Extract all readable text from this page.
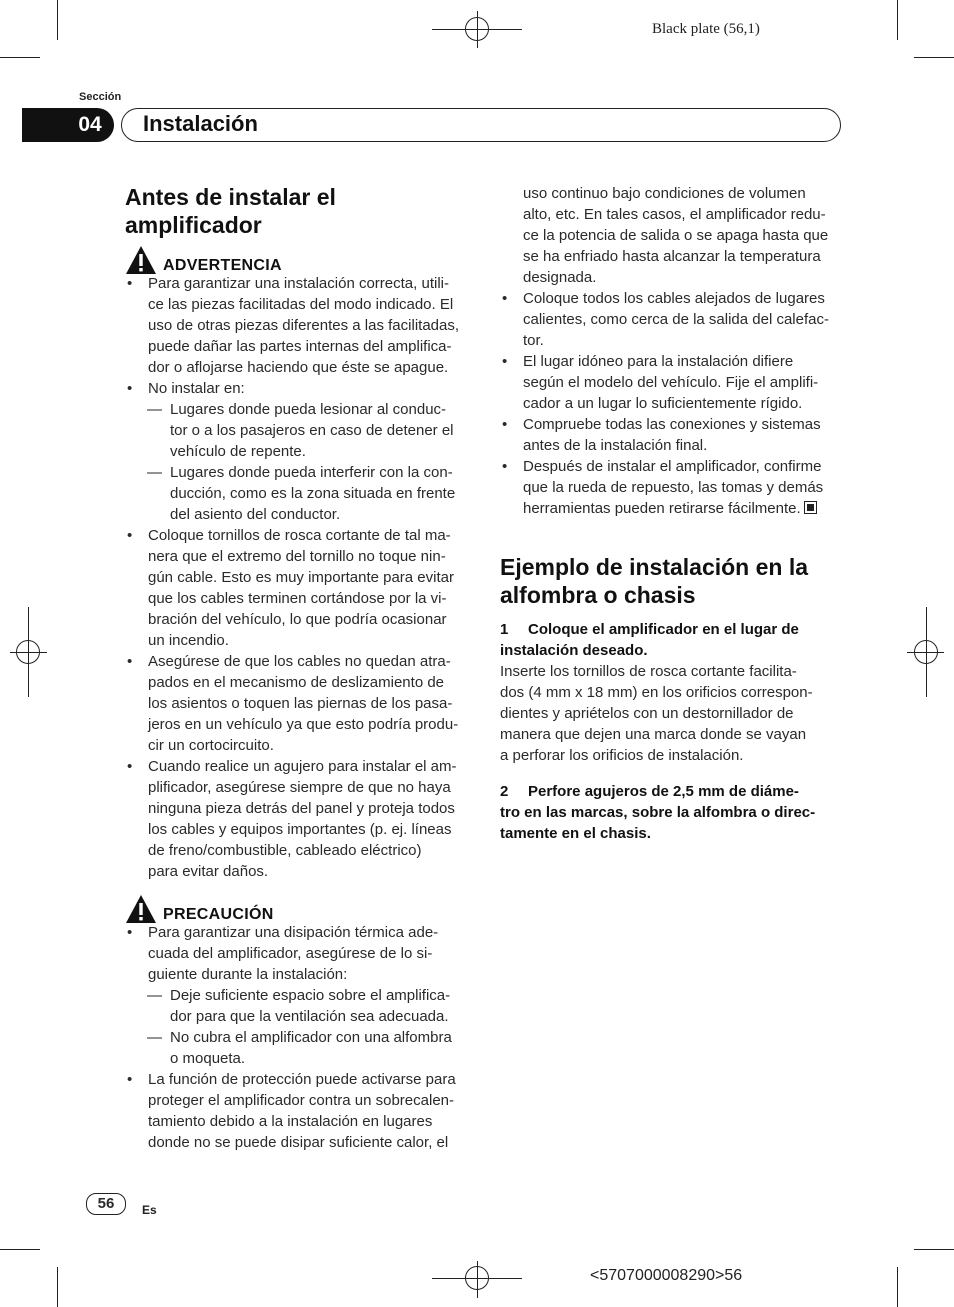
Black plate (56,1)
Sección
04	Instalación
Antes de instalar el amplificador
ADVERTENCIA
• Para garantizar una instalación correcta, utili-
ce las piezas facilitadas del modo indicado. El
uso de otras piezas diferentes a las facilitadas,
puede dañar las partes internas del amplifica-
dor o aflojarse haciendo que éste se apague.
• No instalar en:
— Lugares donde pueda lesionar al conduc-
tor o a los pasajeros en caso de detener el
vehículo de repente.
— Lugares donde pueda interferir con la con-
ducción, como es la zona situada en frente
del asiento del conductor.
• Coloque tornillos de rosca cortante de tal ma-
nera que el extremo del tornillo no toque nin-
gún cable. Esto es muy importante para evitar
que los cables terminen cortándose por la vi-
bración del vehículo, lo que podría ocasionar
un incendio.
• Asegúrese de que los cables no quedan atra-
pados en el mecanismo de deslizamiento de
los asientos o toquen las piernas de los pasa-
jeros en un vehículo ya que esto podría produ-
cir un cortocircuito.
• Cuando realice un agujero para instalar el am-
plificador, asegúrese siempre de que no haya
ninguna pieza detrás del panel y proteja todos
los cables y equipos importantes (p. ej. líneas
de freno/combustible, cableado eléctrico)
para evitar daños.
PRECAUCIÓN
• Para garantizar una disipación térmica ade-
cuada del amplificador, asegúrese de lo si-
guiente durante la instalación:
— Deje suficiente espacio sobre el amplifica-
dor para que la ventilación sea adecuada.
— No cubra el amplificador con una alfombra
o moqueta.
• La función de protección puede activarse para
proteger el amplificador contra un sobrecalen-
tamiento debido a la instalación en lugares
donde no se puede disipar suficiente calor, el
uso continuo bajo condiciones de volumen
alto, etc. En tales casos, el amplificador redu-
ce la potencia de salida o se apaga hasta que
se ha enfriado hasta alcanzar la temperatura
designada.
• Coloque todos los cables alejados de lugares
calientes, como cerca de la salida del calefac-
tor.
• El lugar idóneo para la instalación difiere
según el modelo del vehículo. Fije el amplifi-
cador a un lugar lo suficientemente rígido.
• Compruebe todas las conexiones y sistemas
antes de la instalación final.
• Después de instalar el amplificador, confirme
que la rueda de repuesto, las tomas y demás
herramientas pueden retirarse fácilmente.
Ejemplo de instalación en la alfombra o chasis
1 Coloque el amplificador en el lugar de
instalación deseado.
Inserte los tornillos de rosca cortante facilita-
dos (4 mm x 18 mm) en los orificios correspon-
dientes y apriételos con un destornillador de
manera que dejen una marca donde se vayan
a perforar los orificios de instalación.
2 Perfore agujeros de 2,5 mm de diáme-
tro en las marcas, sobre la alfombra o direc-
tamente en el chasis.
56	Es
<5707000008290>56
